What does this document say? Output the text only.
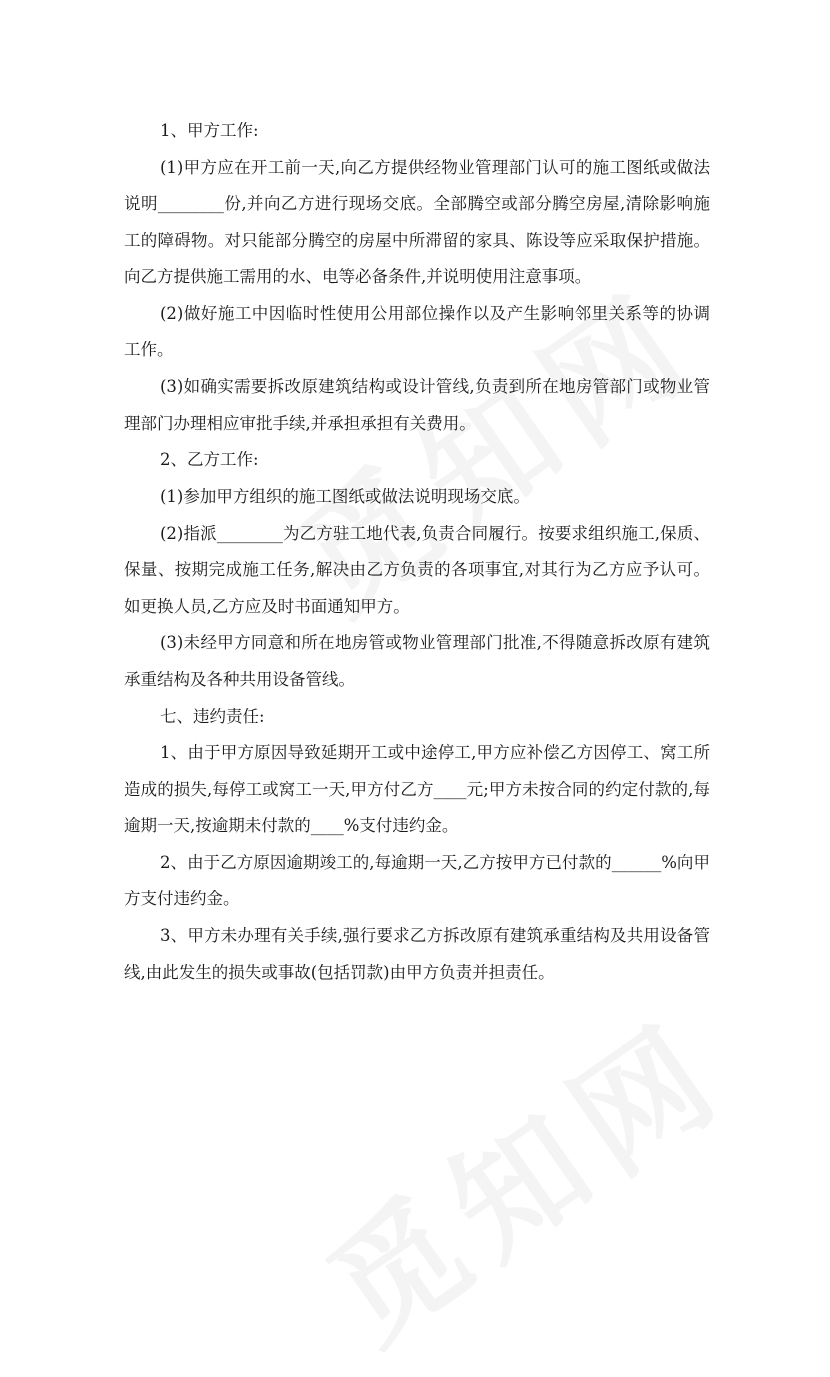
1、甲方工作:

(1)甲方应在开工前一天,向乙方提供经物业管理部门认可的施工图纸或做法说明________份,并向乙方进行现场交底。全部腾空或部分腾空房屋,清除影响施工的障碍物。对只能部分腾空的房屋中所滞留的家具、陈设等应采取保护措施。向乙方提供施工需用的水、电等必备条件,并说明使用注意事项。

(2)做好施工中因临时性使用公用部位操作以及产生影响邻里关系等的协调工作。

(3)如确实需要拆改原建筑结构或设计管线,负责到所在地房管部门或物业管理部门办理相应审批手续,并承担承担有关费用。

2、乙方工作:

(1)参加甲方组织的施工图纸或做法说明现场交底。

(2)指派________为乙方驻工地代表,负责合同履行。按要求组织施工,保质、保量、按期完成施工任务,解决由乙方负责的各项事宜,对其行为乙方应予认可。如更换人员,乙方应及时书面通知甲方。

(3)未经甲方同意和所在地房管或物业管理部门批准,不得随意拆改原有建筑承重结构及各种共用设备管线。

七、违约责任:

1、由于甲方原因导致延期开工或中途停工,甲方应补偿乙方因停工、窝工所造成的损失,每停工或窝工一天,甲方付乙方____元;甲方未按合同的约定付款的,每逾期一天,按逾期未付款的____%支付违约金。

2、由于乙方原因逾期竣工的,每逾期一天,乙方按甲方已付款的______%向甲方支付违约金。

3、甲方未办理有关手续,强行要求乙方拆改原有建筑承重结构及共用设备管线,由此发生的损失或事故(包括罚款)由甲方负责并担责任。
